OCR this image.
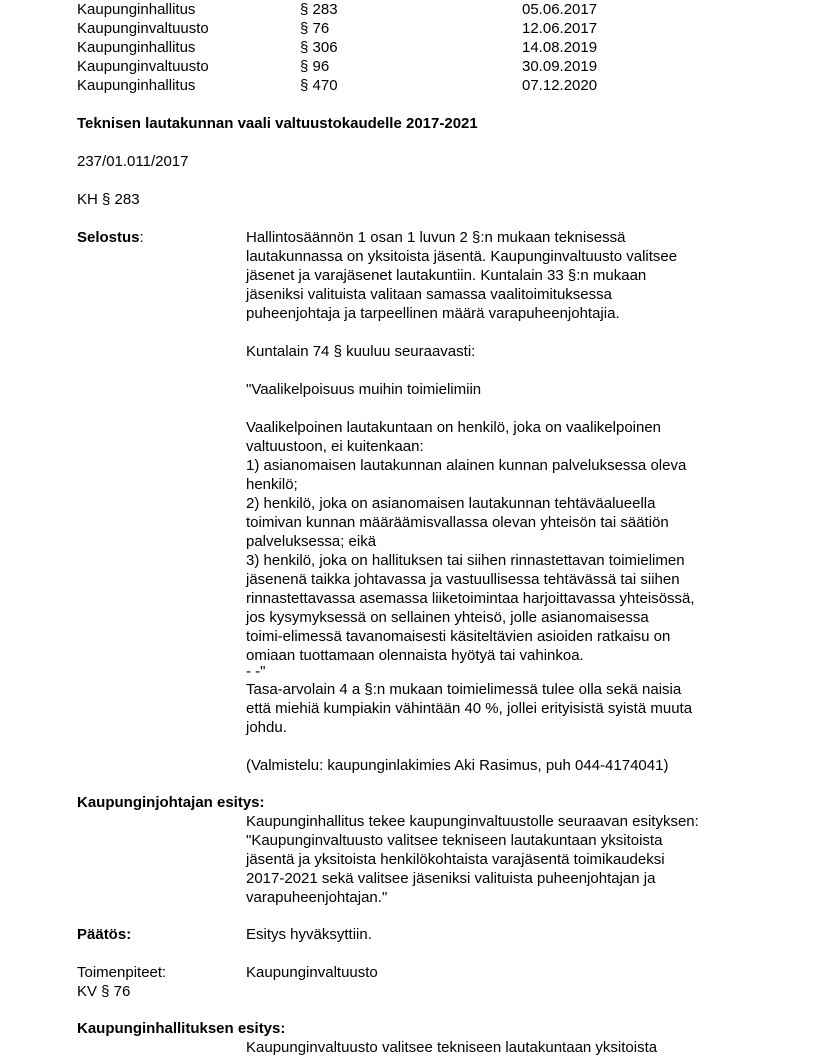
Kaupunginhallitus	§ 283	05.06.2017
Kaupunginvaltuusto	§ 76	12.06.2017
Kaupunginhallitus	§ 306	14.08.2019
Kaupunginvaltuusto	§ 96	30.09.2019
Kaupunginhallitus	§ 470	07.12.2020
Teknisen lautakunnan vaali valtuustokaudelle 2017-2021
237/01.011/2017
KH § 283
Selostus:	Hallintosäännön 1 osan 1 luvun 2 §:n mukaan teknisessä
lautakunnassa on yksitoista jäsentä. Kaupunginvaltuusto valitsee
jäsenet ja varajäsenet lautakuntiin. Kuntalain 33 §:n mukaan
jäseniksi valituista valitaan samassa vaalitoimituksessa
puheenjohtaja ja tarpeellinen määrä varapuheenjohtajia.
Kuntalain 74 § kuuluu seuraavasti:
"Vaalikelpoisuus muihin toimielimiin
Vaalikelpoinen lautakuntaan on henkilö, joka on vaalikelpoinen
valtuustoon, ei kuitenkaan:
1) asianomaisen lautakunnan alainen kunnan palveluksessa oleva
henkilö;
2) henkilö, joka on asianomaisen lautakunnan tehtäväalueella
toimivan kunnan määräämisvallassa olevan yhteisön tai säätiön
palveluksessa; eikä
3) henkilö, joka on hallituksen tai siihen rinnastettavan toimielimen
jäsenenä taikka johtavassa ja vastuullisessa tehtävässä tai siihen
rinnastettavassa asemassa liiketoimintaa harjoittavassa yhteisössä,
jos kysymyksessä on sellainen yhteisö, jolle asianomaisessa
toimi-elimessä tavanomaisesti käsiteltävien asioiden ratkaisu on
omiaan tuottamaan olennaista hyötyä tai vahinkoa.
- -"
Tasa-arvolain 4 a §:n mukaan toimielimessä tulee olla sekä naisia
että miehiä kumpiakin vähintään 40 %, jollei erityisistä syistä muuta
johdu.
(Valmistelu: kaupunginlakimies Aki Rasimus, puh 044-4174041)
Kaupunginjohtajan esitys:
Kaupunginhallitus tekee kaupunginvaltuustolle seuraavan esityksen:
"Kaupunginvaltuusto valitsee tekniseen lautakuntaan yksitoista
jäsentä ja yksitoista henkilökohtaista varajäsentä toimikaudeksi
2017-2021 sekä valitsee jäseniksi valituista puheenjohtajan ja
varapuheenjohtajan."
Päätös:	Esitys hyväksyttiin.
Toimenpiteet:	Kaupunginvaltuusto
KV § 76
Kaupunginhallituksen esitys:
Kaupunginvaltuusto valitsee tekniseen lautakuntaan yksitoista
